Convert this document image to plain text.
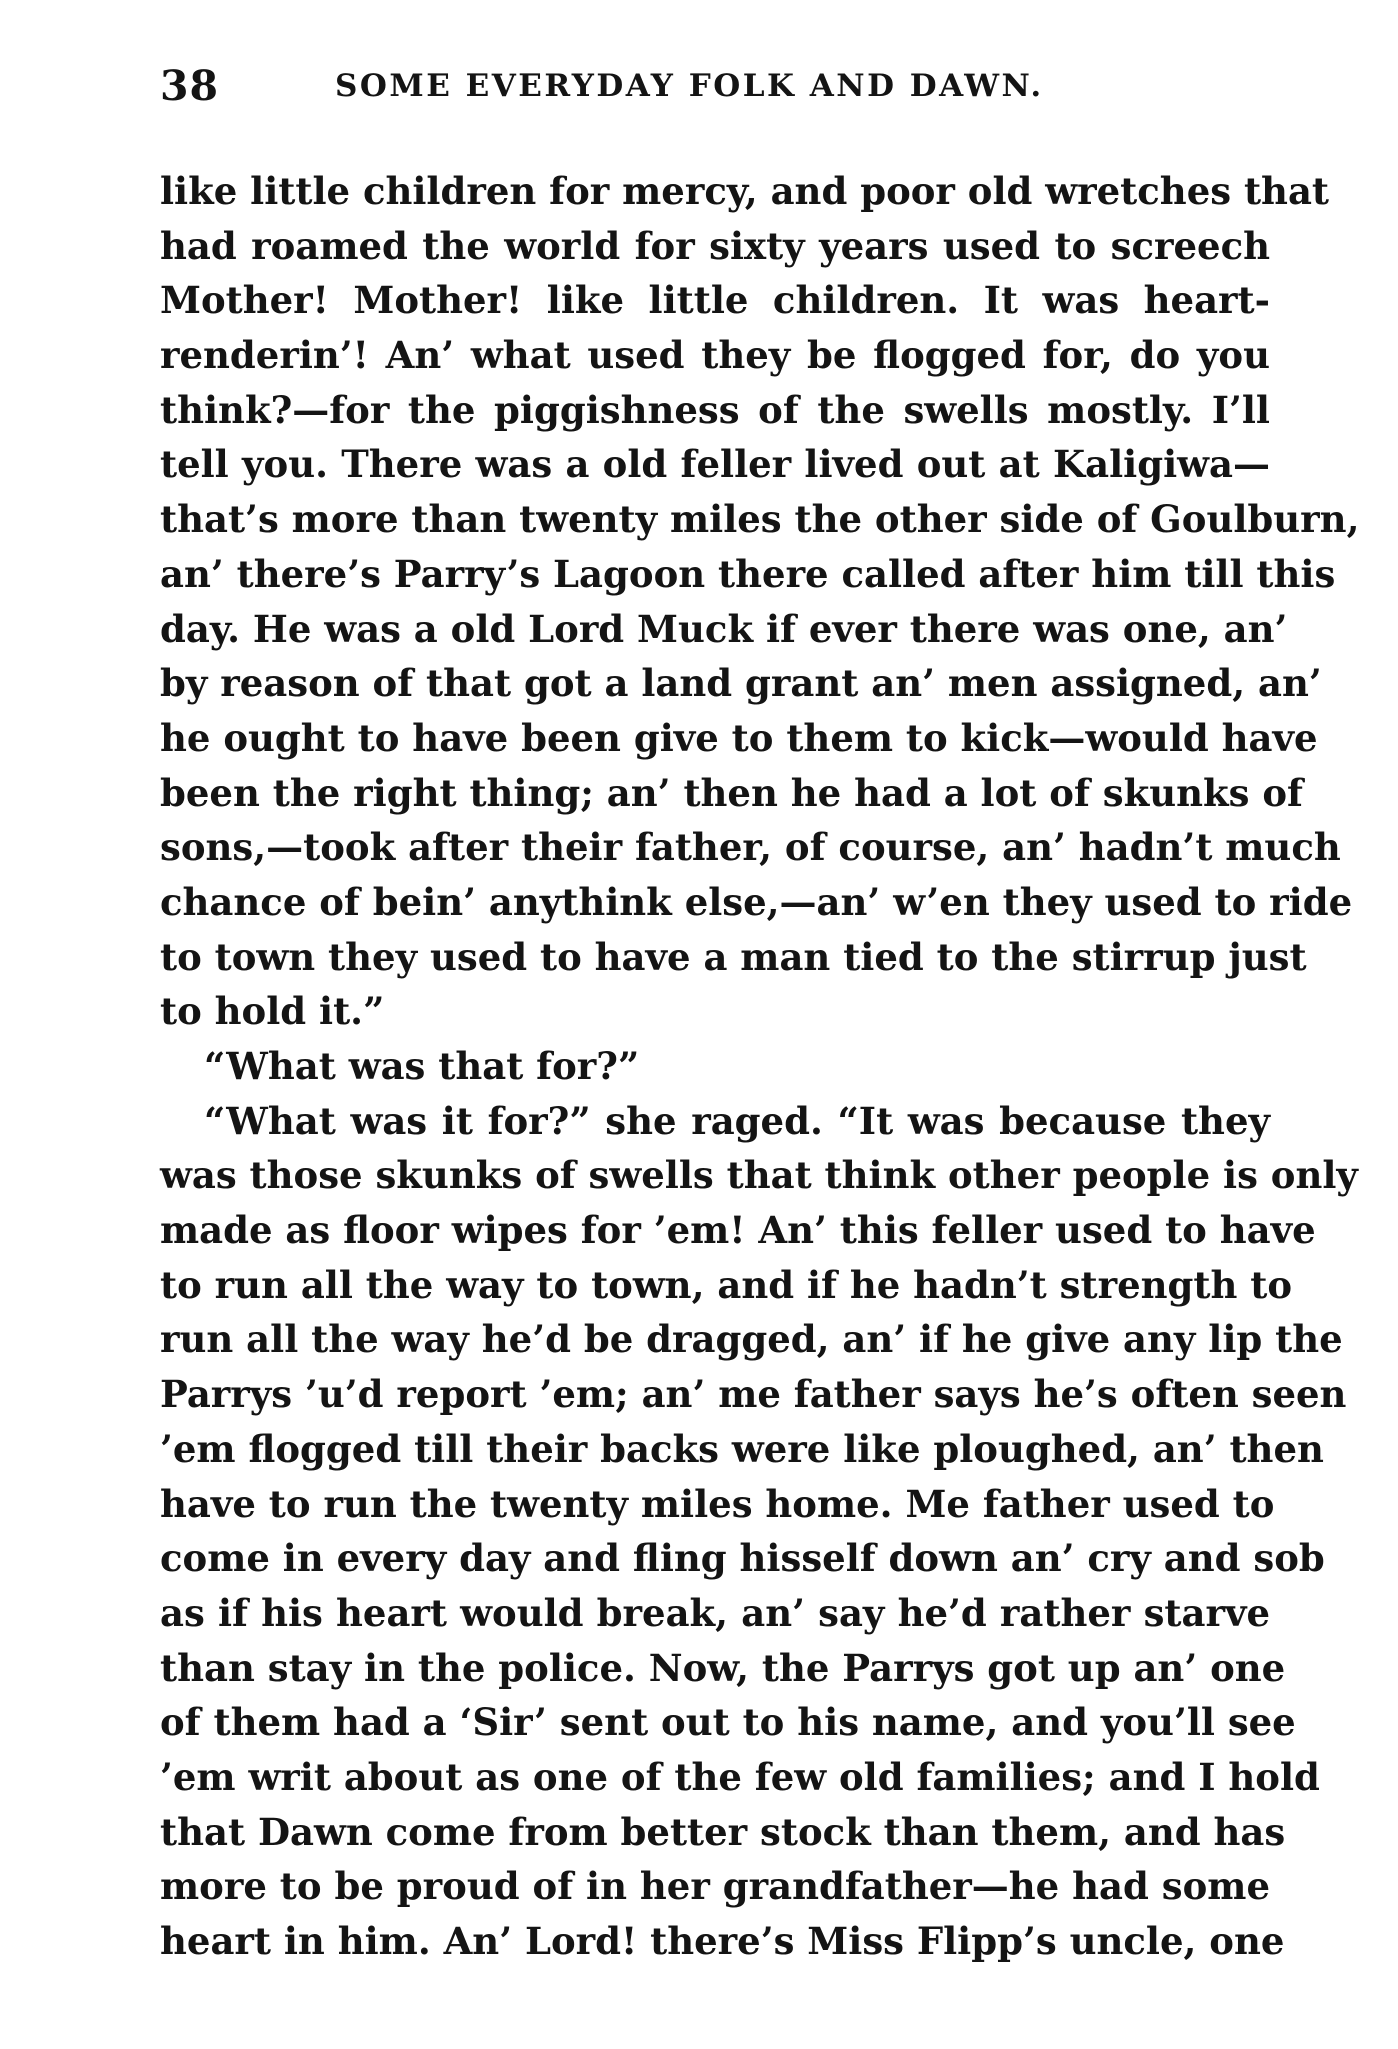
38	SOME EVERYDAY FOLK AND DAWN.
like little children for mercy, and poor old wretches that
had roamed the world for sixty years used to screech
Mother! Mother! like little children. It was heart-
renderin’! An’ what used they be flogged for, do you
think?—for the piggishness of the swells mostly. I’ll
tell you. There was a old feller lived out at Kaligiwa—
that’s more than twenty miles the other side of Goulburn,
an’ there’s Parry’s Lagoon there called after him till this
day. He was a old Lord Muck if ever there was one, an’
by reason of that got a land grant an’ men assigned, an’
he ought to have been give to them to kick—would have
been the right thing; an’ then he had a lot of skunks of
sons,—took after their father, of course, an’ hadn’t much
chance of bein’ anythink else,—an’ w’en they used to ride
to town they used to have a man tied to the stirrup just
to hold it.”
“What was that for?”
“What was it for?” she raged. “It was because they
was those skunks of swells that think other people is only
made as floor wipes for ’em! An’ this feller used to have
to run all the way to town, and if he hadn’t strength to
run all the way he’d be dragged, an’ if he give any lip the
Parrys ’u’d report ’em; an’ me father says he’s often seen
’em flogged till their backs were like ploughed, an’ then
have to run the twenty miles home. Me father used to
come in every day and fling hisself down an’ cry and sob
as if his heart would break, an’ say he’d rather starve
than stay in the police. Now, the Parrys got up an’ one
of them had a ‘Sir’ sent out to his name, and you’ll see
’em writ about as one of the few old families; and I hold
that Dawn come from better stock than them, and has
more to be proud of in her grandfather—he had some
heart in him. An’ Lord! there’s Miss Flipp’s uncle, one
